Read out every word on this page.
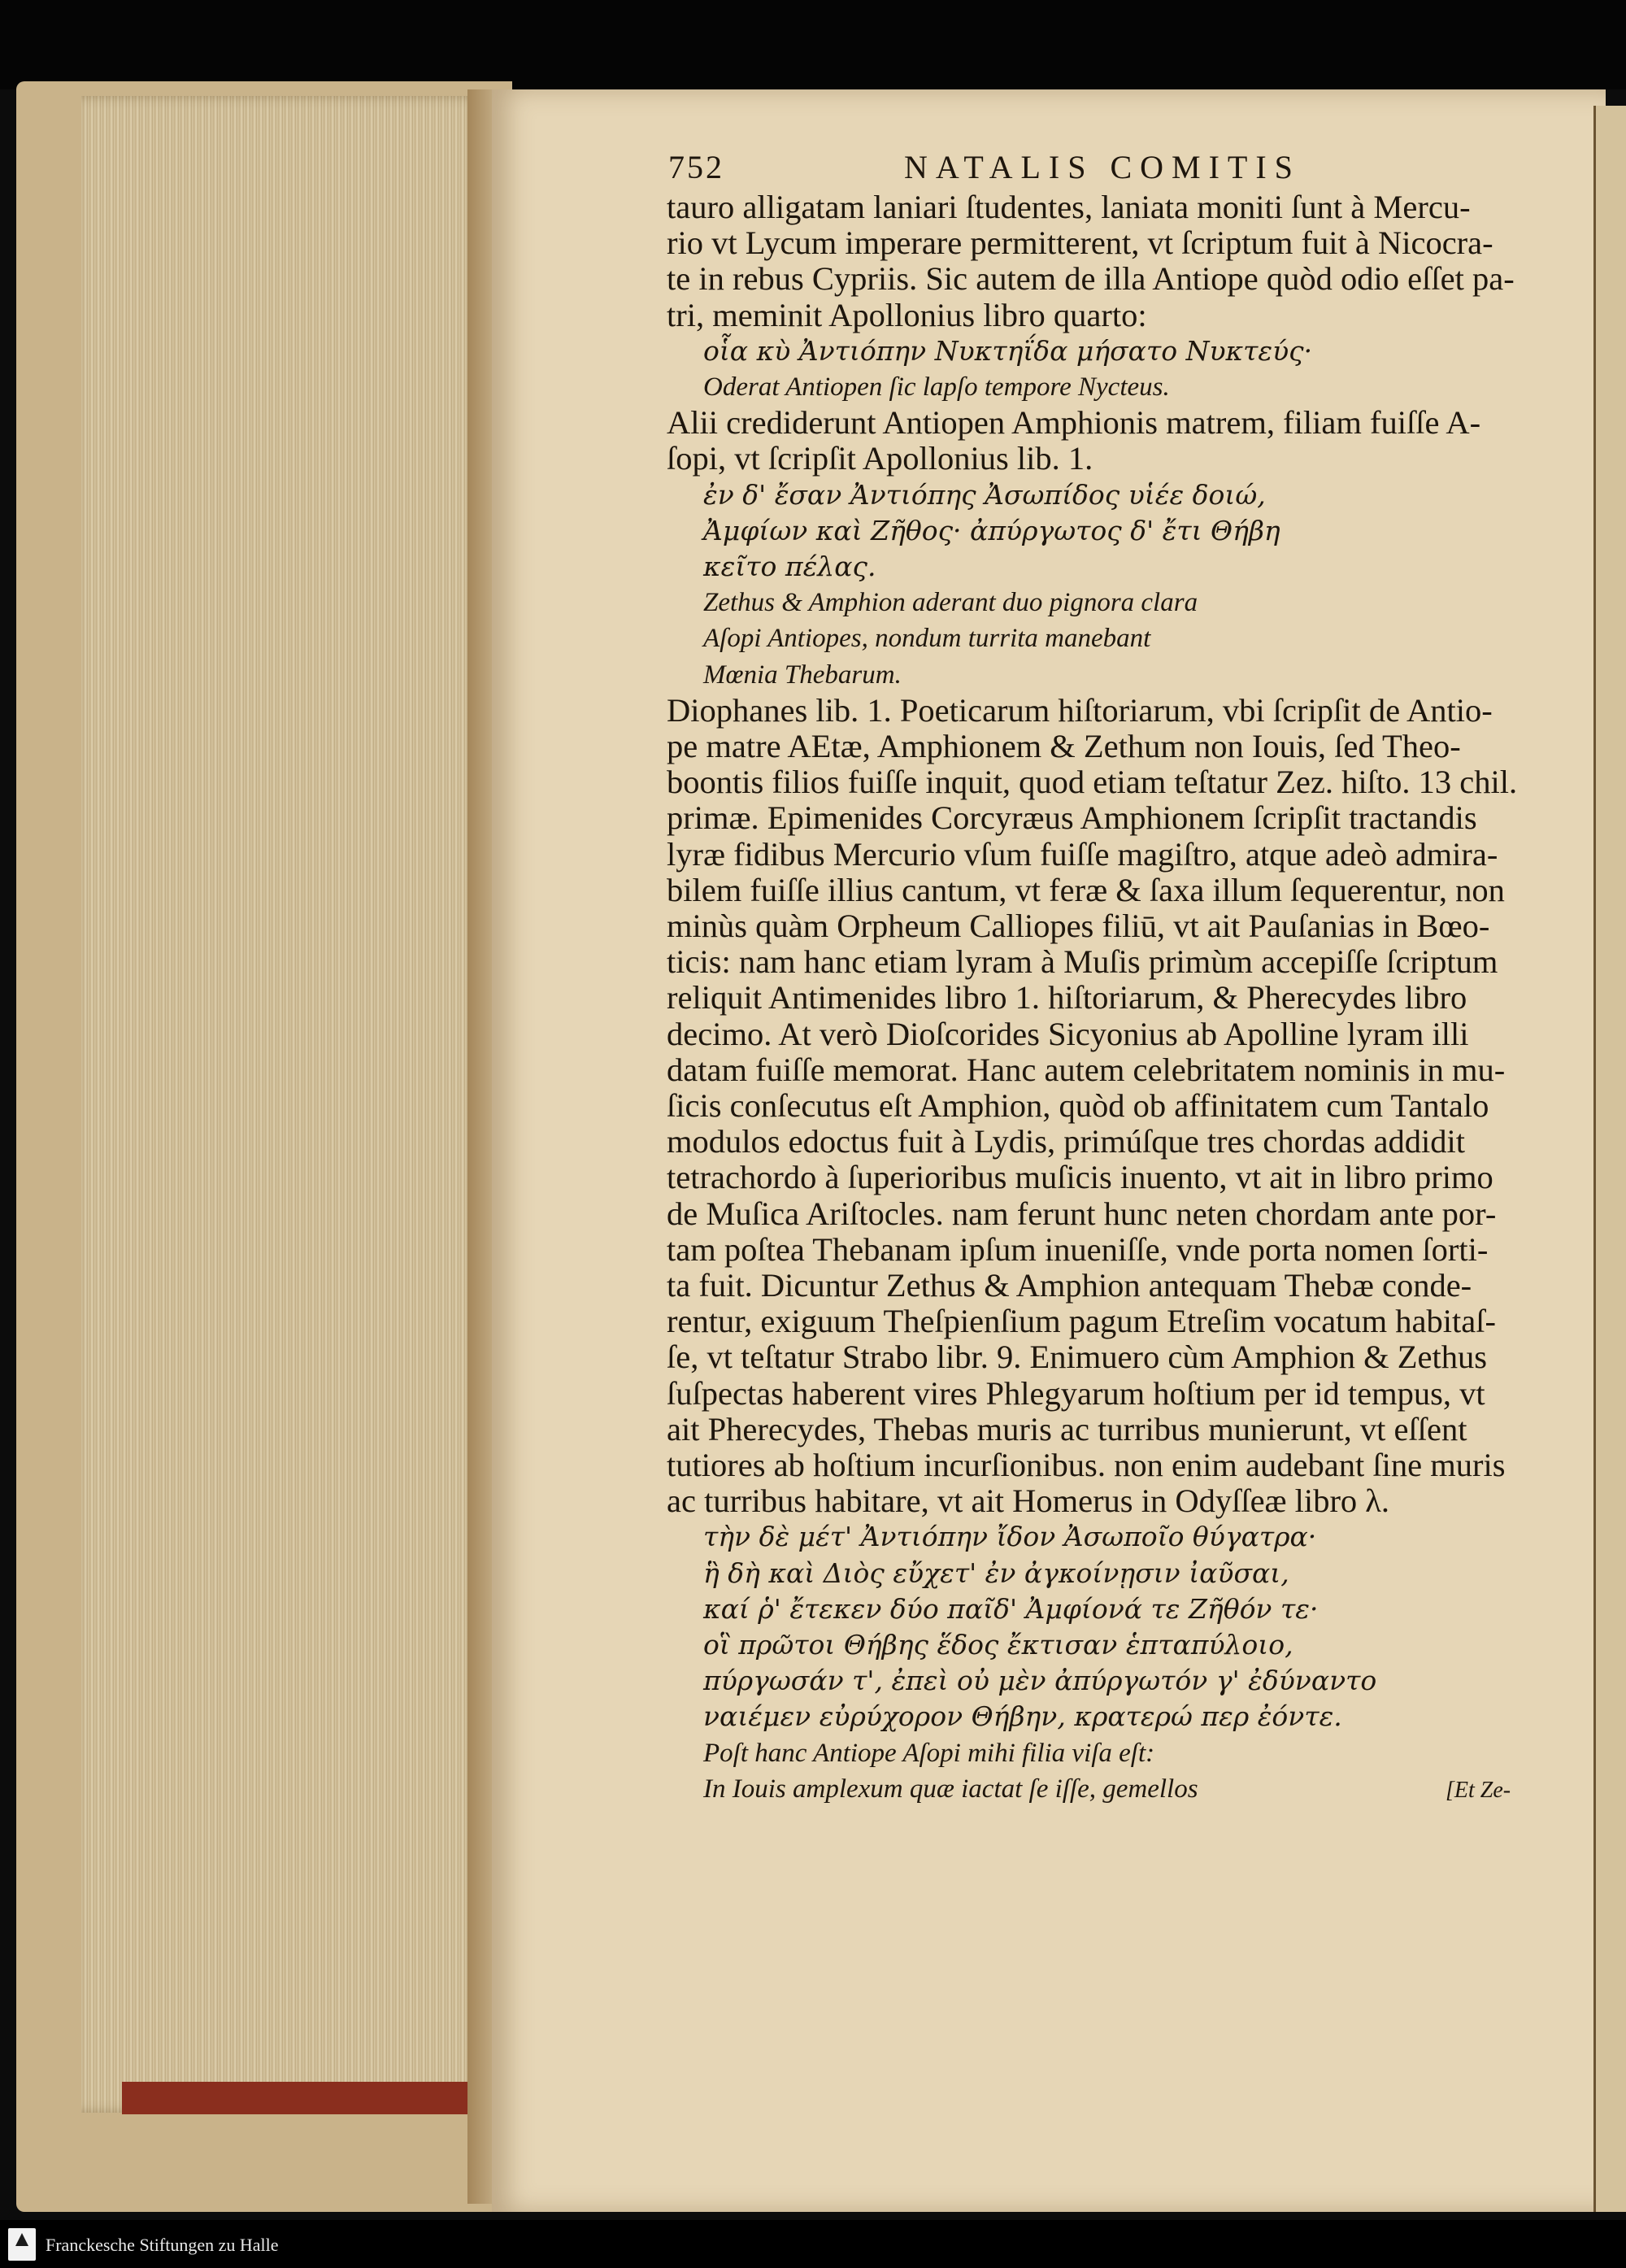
752	NATALIS COMITIS
tauro alligatam laniari ſtudentes, laniata moniti ſunt à Mercu-
rio vt Lycum imperare permitterent, vt ſcriptum fuit à Nicocra-
te in rebus Cypriis. Sic autem de illa Antiope quòd odio eſſet pa-
tri, meminit Apollonius libro quarto:
οἷα κὺ Ἀντιόπην Νυκτηΐδα μήσατο Νυκτεύς·
Oderat Antiopen ſic lapſo tempore Nycteus.
Alii crediderunt Antiopen Amphionis matrem, filiam fuiſſe A-
ſopi, vt ſcripſit Apollonius lib. 1.
ἐν δ' ἔσαν Ἀντιόπης Ἀσωπίδος υἱέε δοιώ,
Ἀμφίων καὶ Ζῆθος· ἀπύργωτος δ' ἔτι Θήβη
κεῖτο πέλας.
Zethus & Amphion aderant duo pignora clara
Aſopi Antiopes, nondum turrita manebant
Mœnia Thebarum.
Diophanes lib. 1. Poeticarum hiſtoriarum, vbi ſcripſit de Antio-
pe matre AEtæ, Amphionem & Zethum non Iouis, ſed Theo-
boontis filios fuiſſe inquit, quod etiam teſtatur Zez. hiſto. 13 chil.
primæ. Epimenides Corcyræus Amphionem ſcripſit tractandis
lyræ fidibus Mercurio vſum fuiſſe magiſtro, atque adeò admira-
bilem fuiſſe illius cantum, vt feræ & ſaxa illum ſequerentur, non
minùs quàm Orpheum Calliopes filiū, vt ait Pauſanias in Bœo-
ticis: nam hanc etiam lyram à Muſis primùm accepiſſe ſcriptum
reliquit Antimenides libro 1. hiſtoriarum, & Pherecydes libro
decimo. At verò Dioſcorides Sicyonius ab Apolline lyram illi
datam fuiſſe memorat. Hanc autem celebritatem nominis in mu-
ſicis conſecutus eſt Amphion, quòd ob affinitatem cum Tantalo
modulos edoctus fuit à Lydis, primúſque tres chordas addidit
tetrachordo à ſuperioribus muſicis inuento, vt ait in libro primo
de Muſica Ariſtocles. nam ferunt hunc neten chordam ante por-
tam poſtea Thebanam ipſum inueniſſe, vnde porta nomen ſorti-
ta fuit. Dicuntur Zethus & Amphion antequam Thebæ conde-
rentur, exiguum Theſpienſium pagum Etreſim vocatum habitaſ-
ſe, vt teſtatur Strabo libr. 9. Enimuero cùm Amphion & Zethus
ſuſpectas haberent vires Phlegyarum hoſtium per id tempus, vt
ait Pherecydes, Thebas muris ac turribus munierunt, vt eſſent
tutiores ab hoſtium incurſionibus. non enim audebant ſine muris
ac turribus habitare, vt ait Homerus in Odyſſeæ libro λ.
τὴν δὲ μέτ' Ἀντιόπην ἴδον Ἀσωποῖο θύγατρα·
ἣ δὴ καὶ Διὸς εὔχετ' ἐν ἀγκοίνῃσιν ἰαῦσαι,
καί ῥ' ἔτεκεν δύο παῖδ' Ἀμφίονά τε Ζῆθόν τε·
οἳ πρῶτοι Θήβης ἕδος ἔκτισαν ἑπταπύλοιο,
πύργωσάν τ', ἐπεὶ οὐ μὲν ἀπύργωτόν γ' ἐδύναντο
ναιέμεν εὐρύχορον Θήβην, κρατερώ περ ἐόντε.
Poſt hanc Antiope Aſopi mihi filia viſa eſt:
In Iouis amplexum quæ iactat ſe iſſe, gemellos	[Et Ze-
Franckesche Stiftungen zu Halle
